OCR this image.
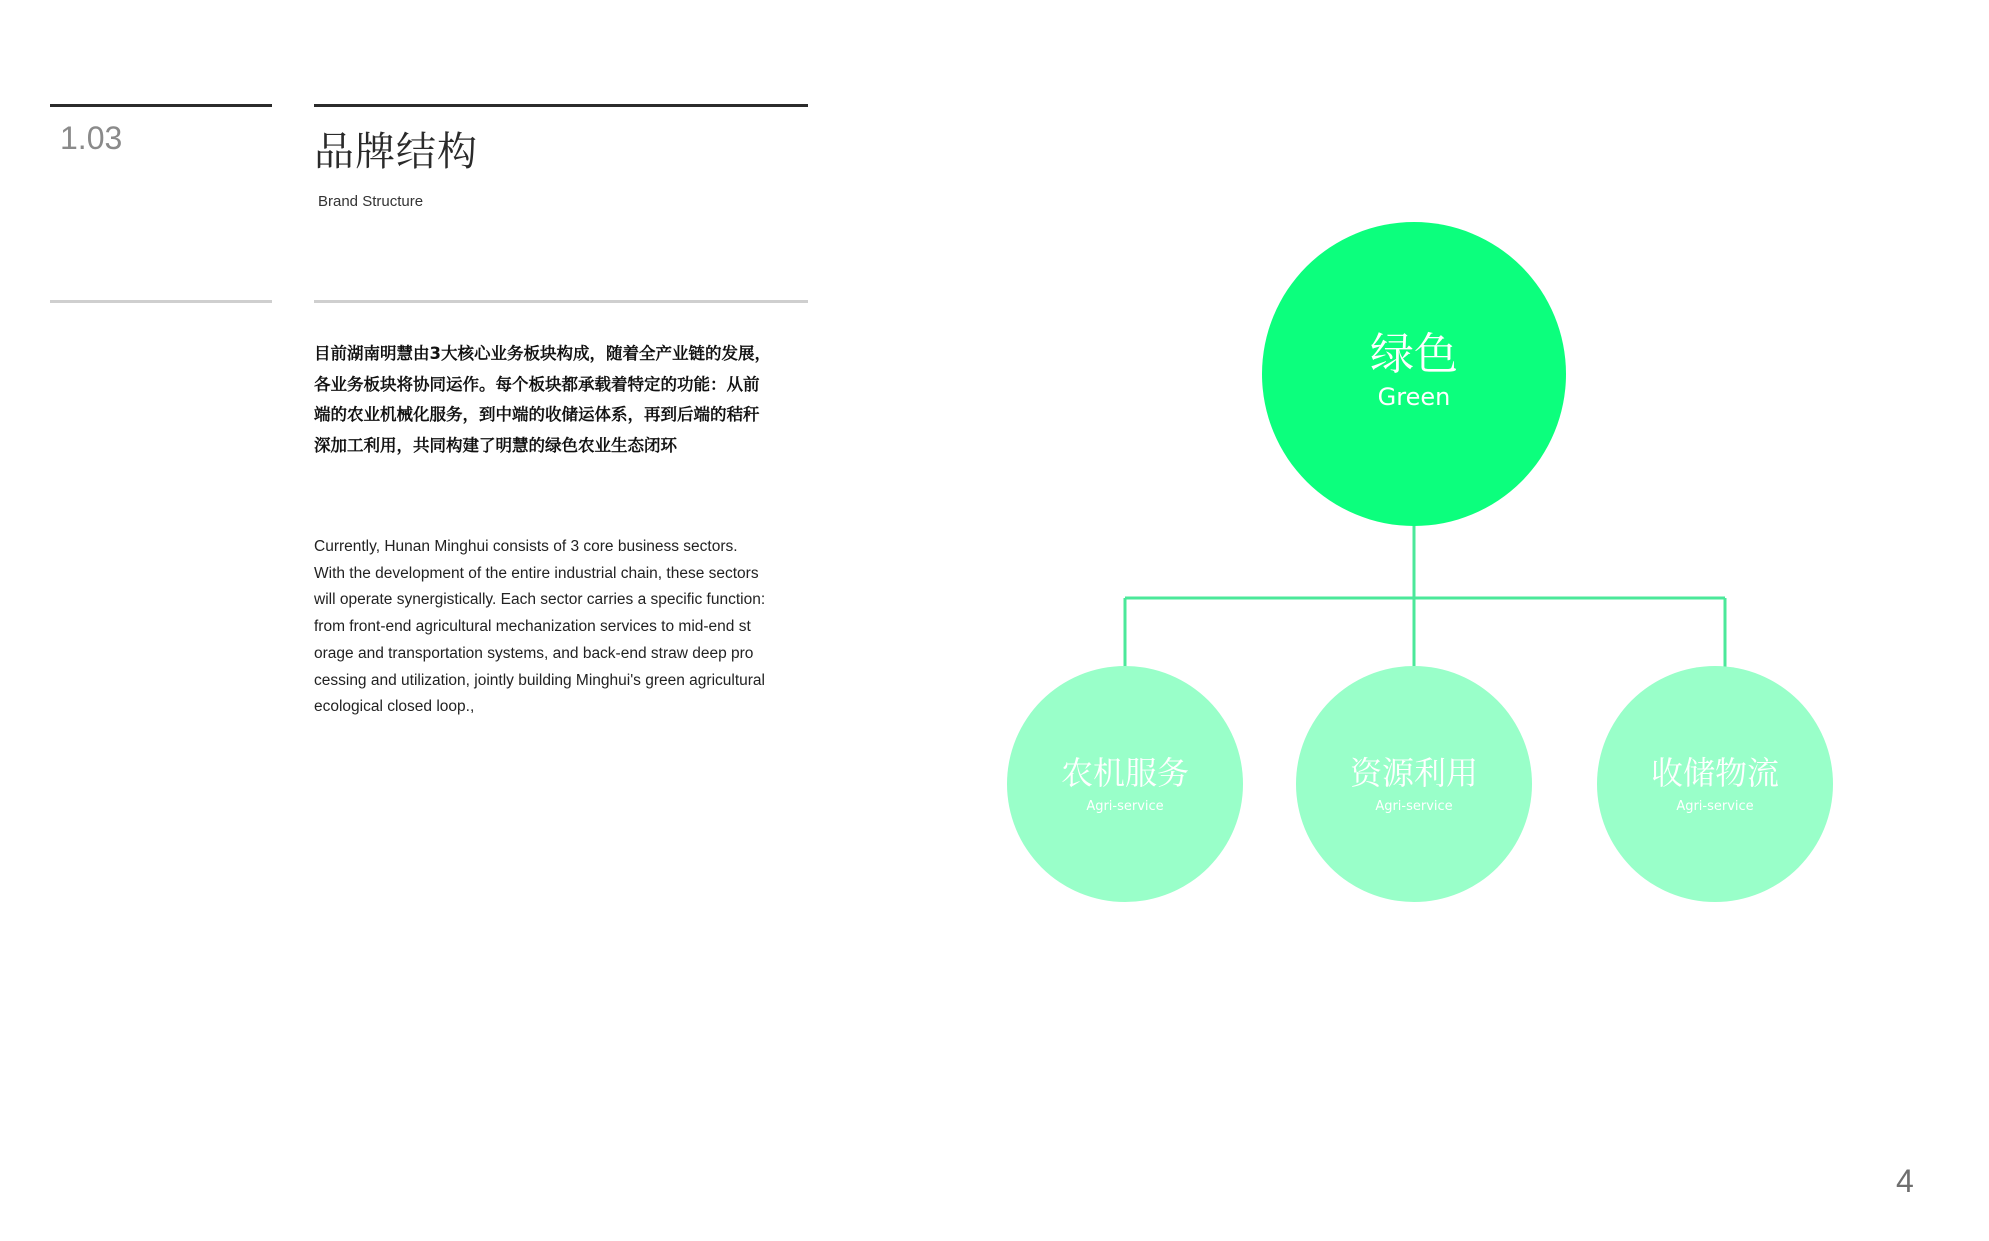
1.03	品牌结构
Brand Structure
目前湖南明慧由3大核心业务板块构成，随着全产业链的发展，
各业务板块将协同运作。每个板块都承载着特定的功能：从前
端的农业机械化服务，到中端的收储运体系，再到后端的秸秆
深加工利用，共同构建了明慧的绿色农业生态闭环
Currently, Hunan Minghui consists of 3 core business sectors.
With the development of the entire industrial chain, these sectors
will operate synergistically. Each sector carries a specific function:
from front-end agricultural mechanization services to mid-end st
orage and transportation systems, and back-end straw deep pro
cessing and utilization, jointly building Minghui's green agricultural
ecological closed loop.,
绿色
Green
农机服务
Agri-service
资源利用
Agri-service
收储物流
Agri-service
4
